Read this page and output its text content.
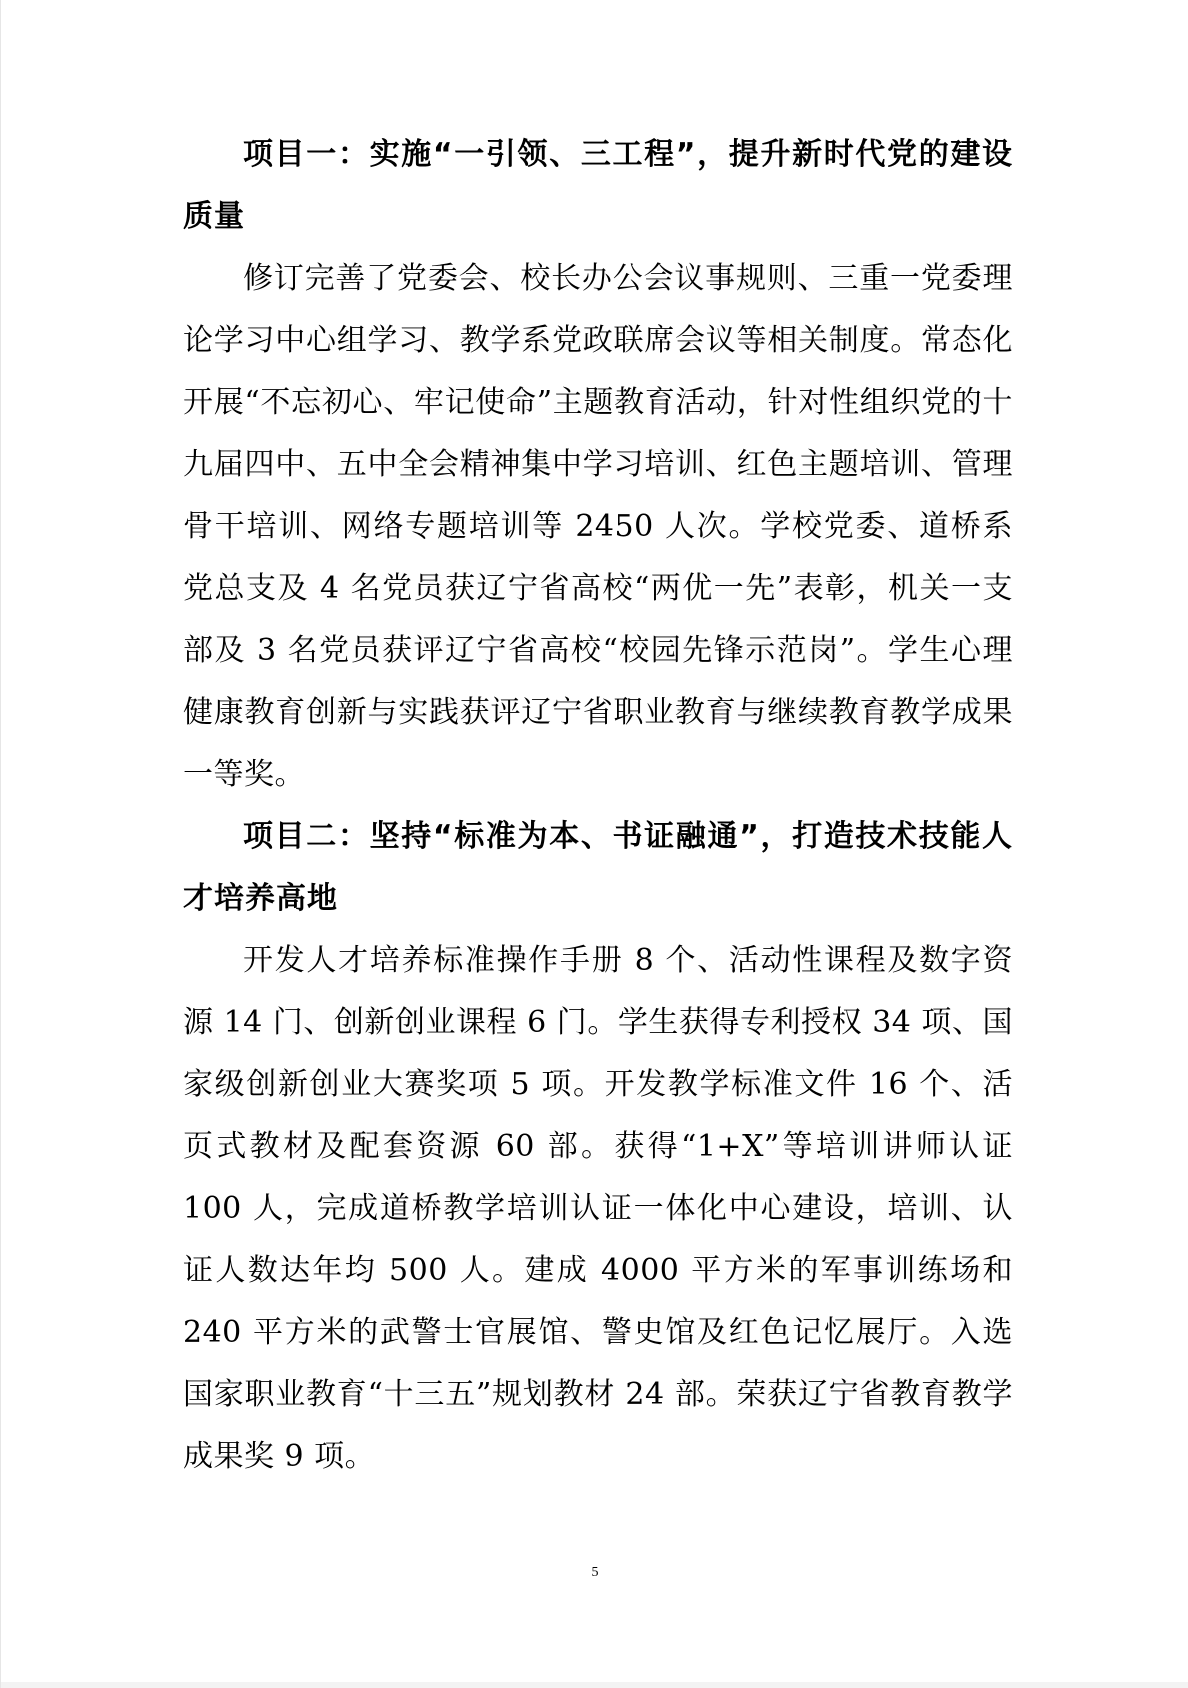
项目一：实施“一引领、三工程”，提升新时代党的建设质量

修订完善了党委会、校长办公会议事规则、三重一党委理论学习中心组学习、教学系党政联席会议等相关制度。常态化开展“不忘初心、牢记使命”主题教育活动，针对性组织党的十九届四中、五中全会精神集中学习培训、红色主题培训、管理骨干培训、网络专题培训等 2450 人次。学校党委、道桥系党总支及 4 名党员获辽宁省高校“两优一先”表彰，机关一支部及 3 名党员获评辽宁省高校“校园先锋示范岗”。学生心理健康教育创新与实践获评辽宁省职业教育与继续教育教学成果一等奖。

项目二：坚持“标准为本、书证融通”，打造技术技能人才培养高地

开发人才培养标准操作手册 8 个、活动性课程及数字资源 14 门、创新创业课程 6 门。学生获得专利授权 34 项、国家级创新创业大赛奖项 5 项。开发教学标准文件 16 个、活页式教材及配套资源 60 部。获得“1+X”等培训讲师认证 100 人，完成道桥教学培训认证一体化中心建设，培训、认证人数达年均 500 人。建成 4000 平方米的军事训练场和 240 平方米的武警士官展馆、警史馆及红色记忆展厅。入选国家职业教育“十三五”规划教材 24 部。荣获辽宁省教育教学成果奖 9 项。

5
